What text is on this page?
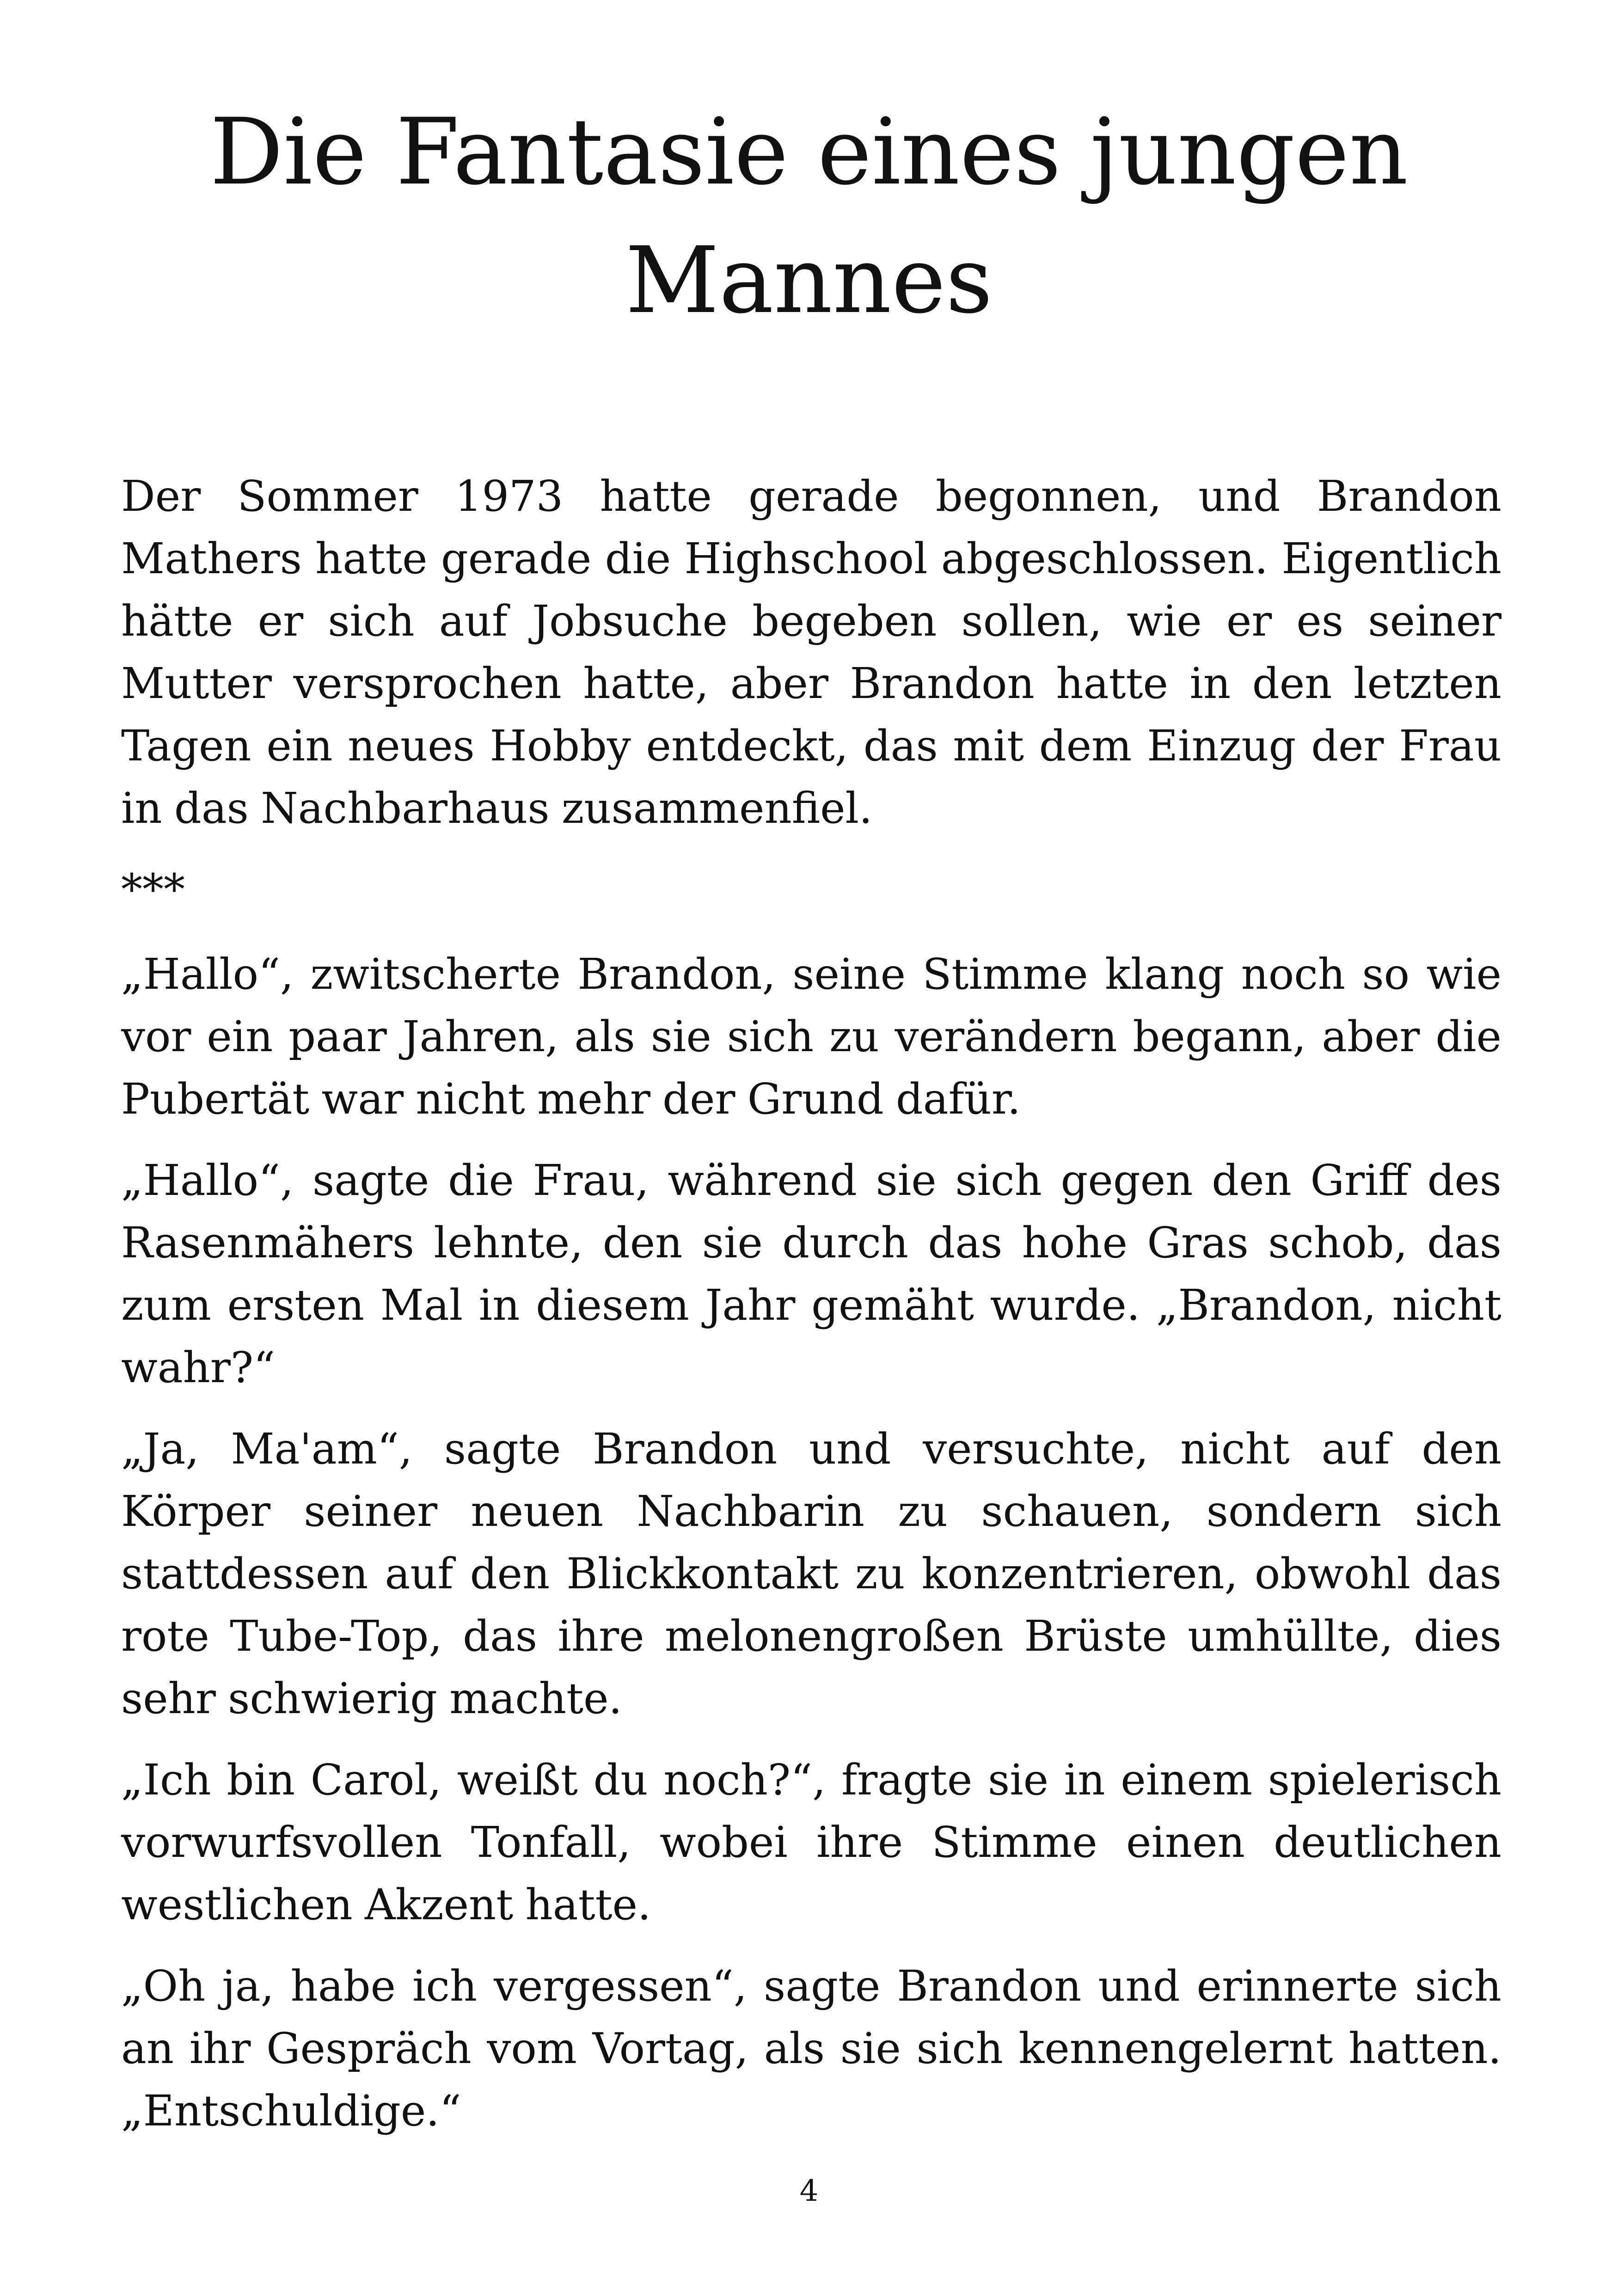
Die Fantasie eines jungen
Mannes

Der Sommer 1973 hatte gerade begonnen, und Brandon Mathers hatte gerade die Highschool abgeschlossen. Eigentlich hätte er sich auf Jobsuche begeben sollen, wie er es seiner Mutter versprochen hatte, aber Brandon hatte in den letzten Tagen ein neues Hobby entdeckt, das mit dem Einzug der Frau in das Nachbarhaus zusammenfiel.

***

„Hallo“, zwitscherte Brandon, seine Stimme klang noch so wie vor ein paar Jahren, als sie sich zu verändern begann, aber die Pubertät war nicht mehr der Grund dafür.

„Hallo“, sagte die Frau, während sie sich gegen den Griff des Rasenmähers lehnte, den sie durch das hohe Gras schob, das zum ersten Mal in diesem Jahr gemäht wurde. „Brandon, nicht wahr?“

„Ja, Ma'am“, sagte Brandon und versuchte, nicht auf den Körper seiner neuen Nachbarin zu schauen, sondern sich stattdessen auf den Blickkontakt zu konzentrieren, obwohl das rote Tube-Top, das ihre melonengroßen Brüste umhüllte, dies sehr schwierig machte.

„Ich bin Carol, weißt du noch?“, fragte sie in einem spielerisch vorwurfsvollen Tonfall, wobei ihre Stimme einen deutlichen westlichen Akzent hatte.

„Oh ja, habe ich vergessen“, sagte Brandon und erinnerte sich an ihr Gespräch vom Vortag, als sie sich kennengelernt hatten. „Entschuldige.“

4
